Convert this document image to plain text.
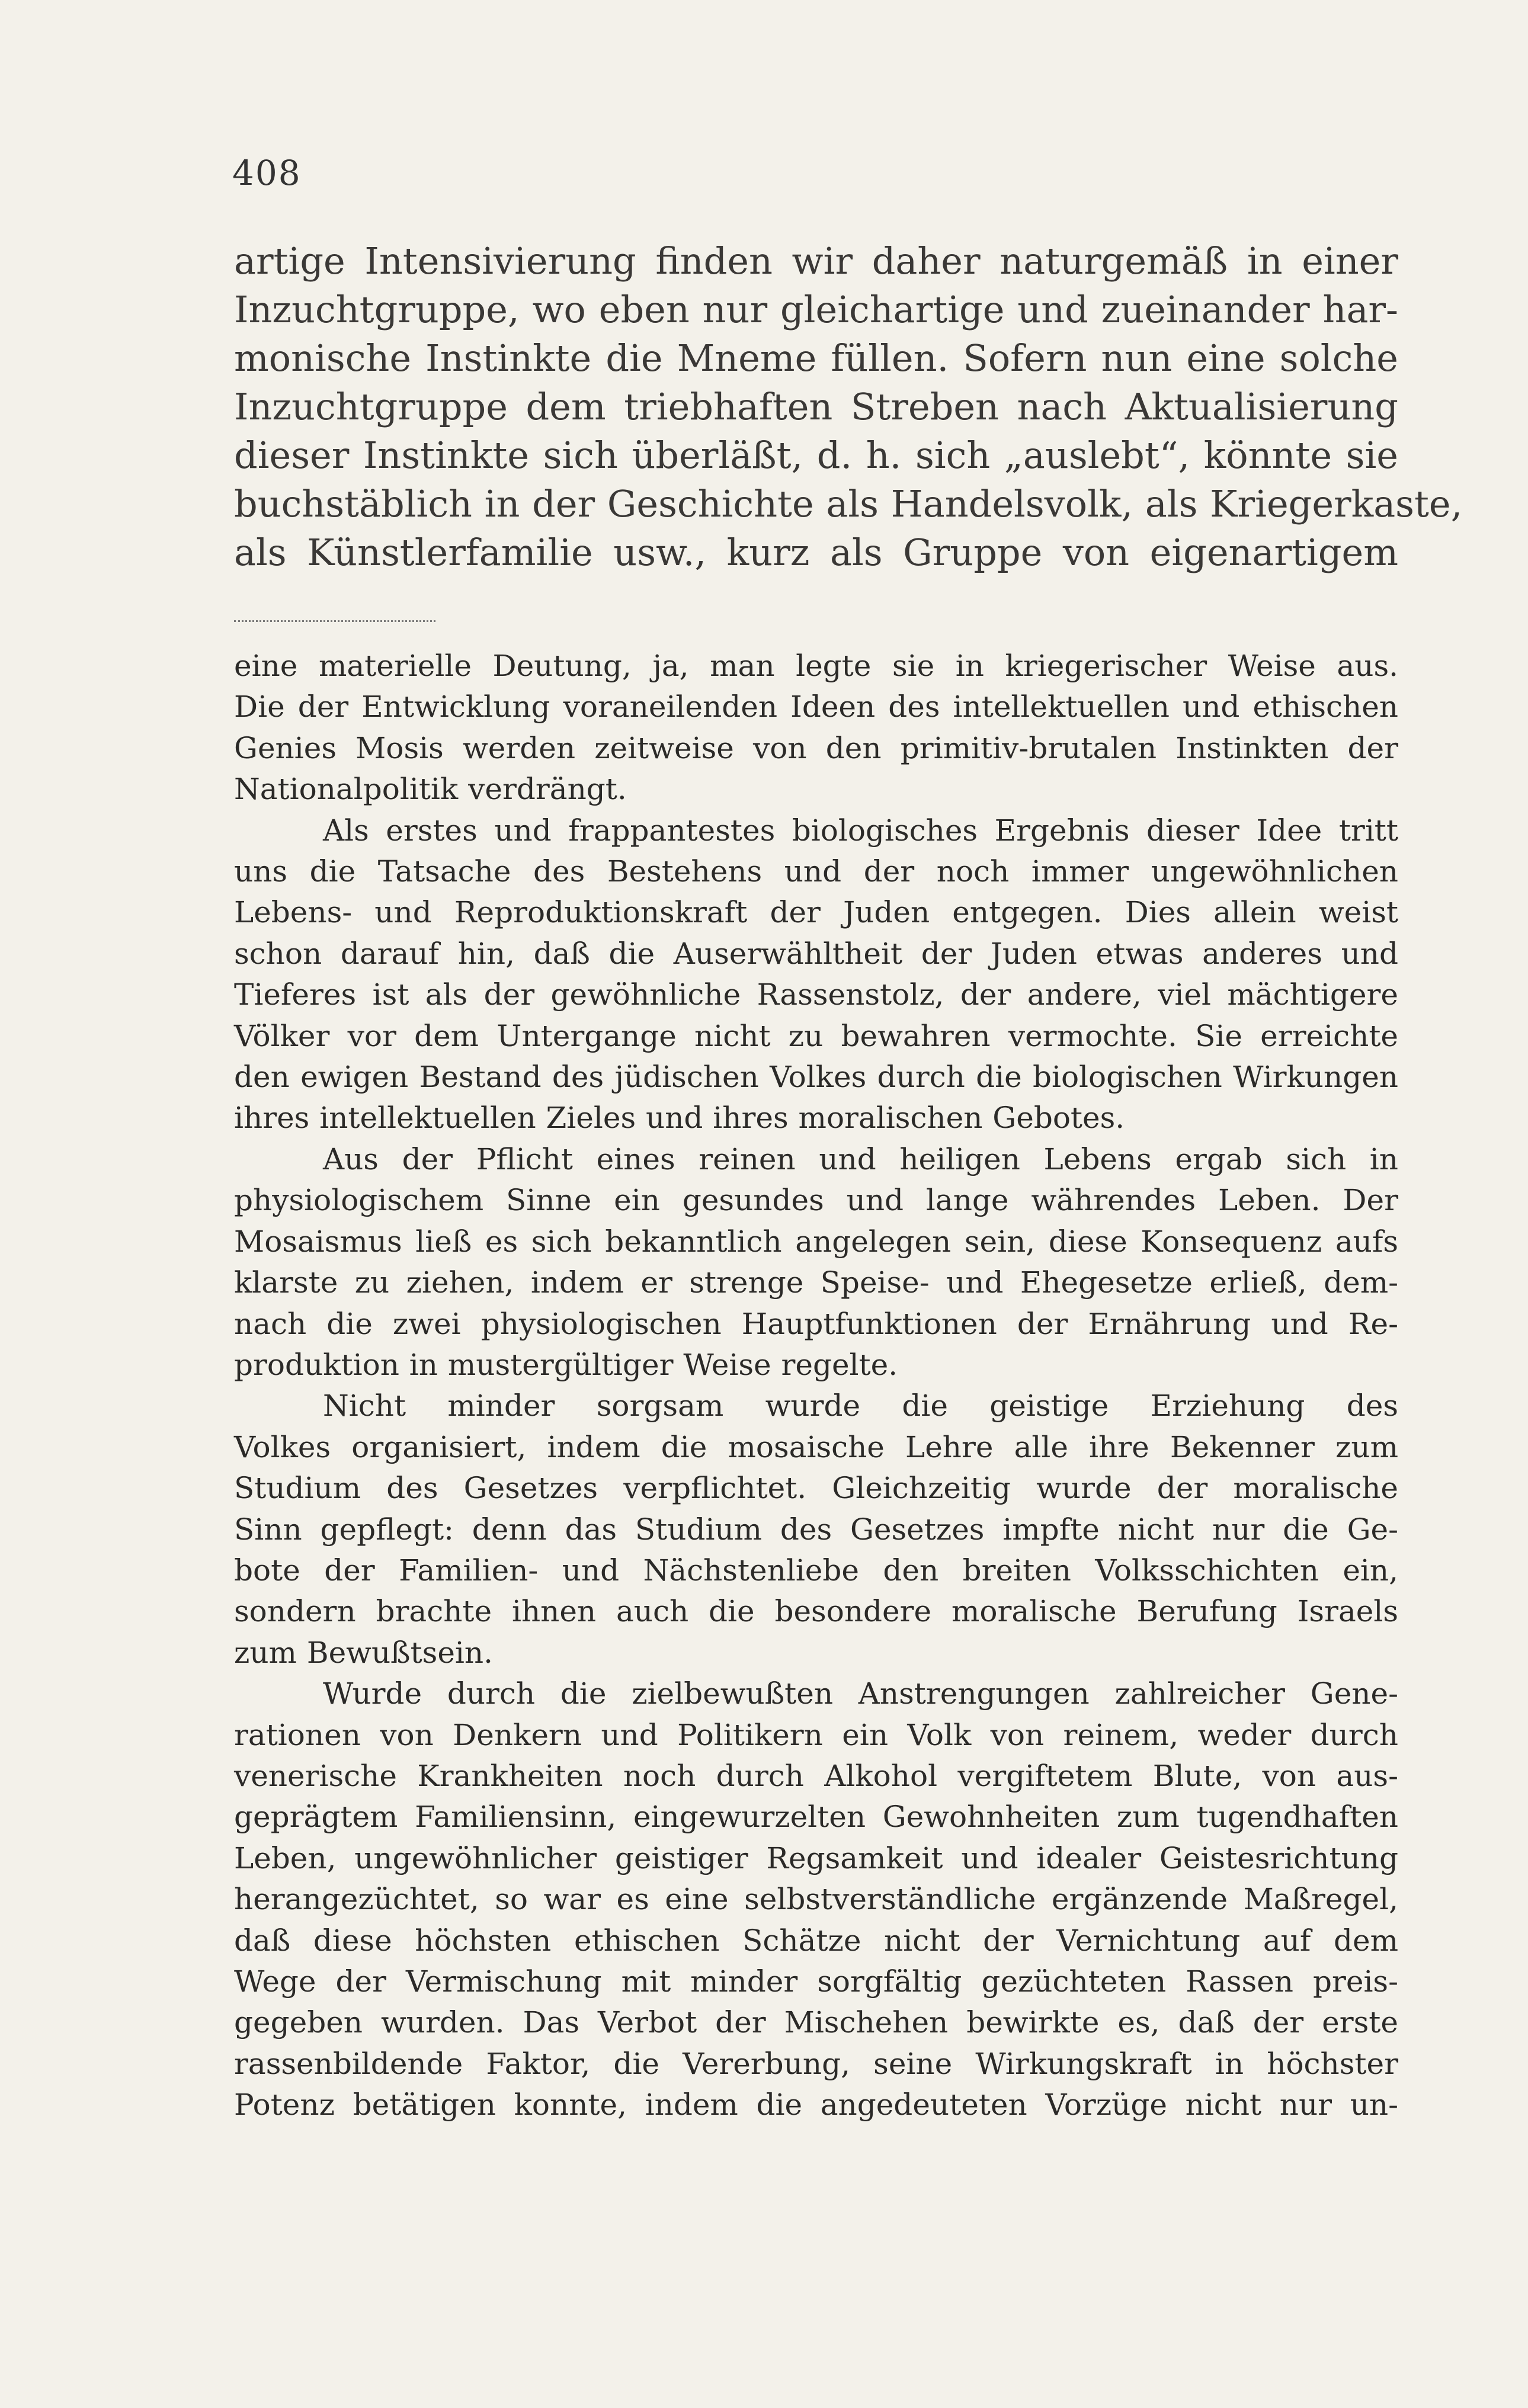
408
artige Intensivierung finden wir daher naturgemäß in einer
Inzuchtgruppe, wo eben nur gleichartige und zueinander har-
monische Instinkte die Mneme füllen. Sofern nun eine solche
Inzuchtgruppe dem triebhaften Streben nach Aktualisierung
dieser Instinkte sich überläßt, d. h. sich „auslebt“, könnte sie
buchstäblich in der Geschichte als Handelsvolk, als Kriegerkaste,
als Künstlerfamilie usw., kurz als Gruppe von eigenartigem
eine materielle Deutung, ja, man legte sie in kriegerischer Weise aus.
Die der Entwicklung voraneilenden Ideen des intellektuellen und ethischen
Genies Mosis werden zeitweise von den primitiv-brutalen Instinkten der
Nationalpolitik verdrängt.
Als erstes und frappantestes biologisches Ergebnis dieser Idee tritt
uns die Tatsache des Bestehens und der noch immer ungewöhnlichen
Lebens- und Reproduktionskraft der Juden entgegen. Dies allein weist
schon darauf hin, daß die Auserwähltheit der Juden etwas anderes und
Tieferes ist als der gewöhnliche Rassenstolz, der andere, viel mächtigere
Völker vor dem Untergange nicht zu bewahren vermochte. Sie erreichte
den ewigen Bestand des jüdischen Volkes durch die biologischen Wirkungen
ihres intellektuellen Zieles und ihres moralischen Gebotes.
Aus der Pflicht eines reinen und heiligen Lebens ergab sich in
physiologischem Sinne ein gesundes und lange währendes Leben. Der
Mosaismus ließ es sich bekanntlich angelegen sein, diese Konsequenz aufs
klarste zu ziehen, indem er strenge Speise- und Ehegesetze erließ, dem-
nach die zwei physiologischen Hauptfunktionen der Ernährung und Re-
produktion in mustergültiger Weise regelte.
Nicht minder sorgsam wurde die geistige Erziehung des
Volkes organisiert, indem die mosaische Lehre alle ihre Bekenner zum
Studium des Gesetzes verpflichtet. Gleichzeitig wurde der moralische
Sinn gepflegt: denn das Studium des Gesetzes impfte nicht nur die Ge-
bote der Familien- und Nächstenliebe den breiten Volksschichten ein,
sondern brachte ihnen auch die besondere moralische Berufung Israels
zum Bewußtsein.
Wurde durch die zielbewußten Anstrengungen zahlreicher Gene-
rationen von Denkern und Politikern ein Volk von reinem, weder durch
venerische Krankheiten noch durch Alkohol vergiftetem Blute, von aus-
geprägtem Familiensinn, eingewurzelten Gewohnheiten zum tugendhaften
Leben, ungewöhnlicher geistiger Regsamkeit und idealer Geistesrichtung
herangezüchtet, so war es eine selbstverständliche ergänzende Maßregel,
daß diese höchsten ethischen Schätze nicht der Vernichtung auf dem
Wege der Vermischung mit minder sorgfältig gezüchteten Rassen preis-
gegeben wurden. Das Verbot der Mischehen bewirkte es, daß der erste
rassenbildende Faktor, die Vererbung, seine Wirkungskraft in höchster
Potenz betätigen konnte, indem die angedeuteten Vorzüge nicht nur un-
